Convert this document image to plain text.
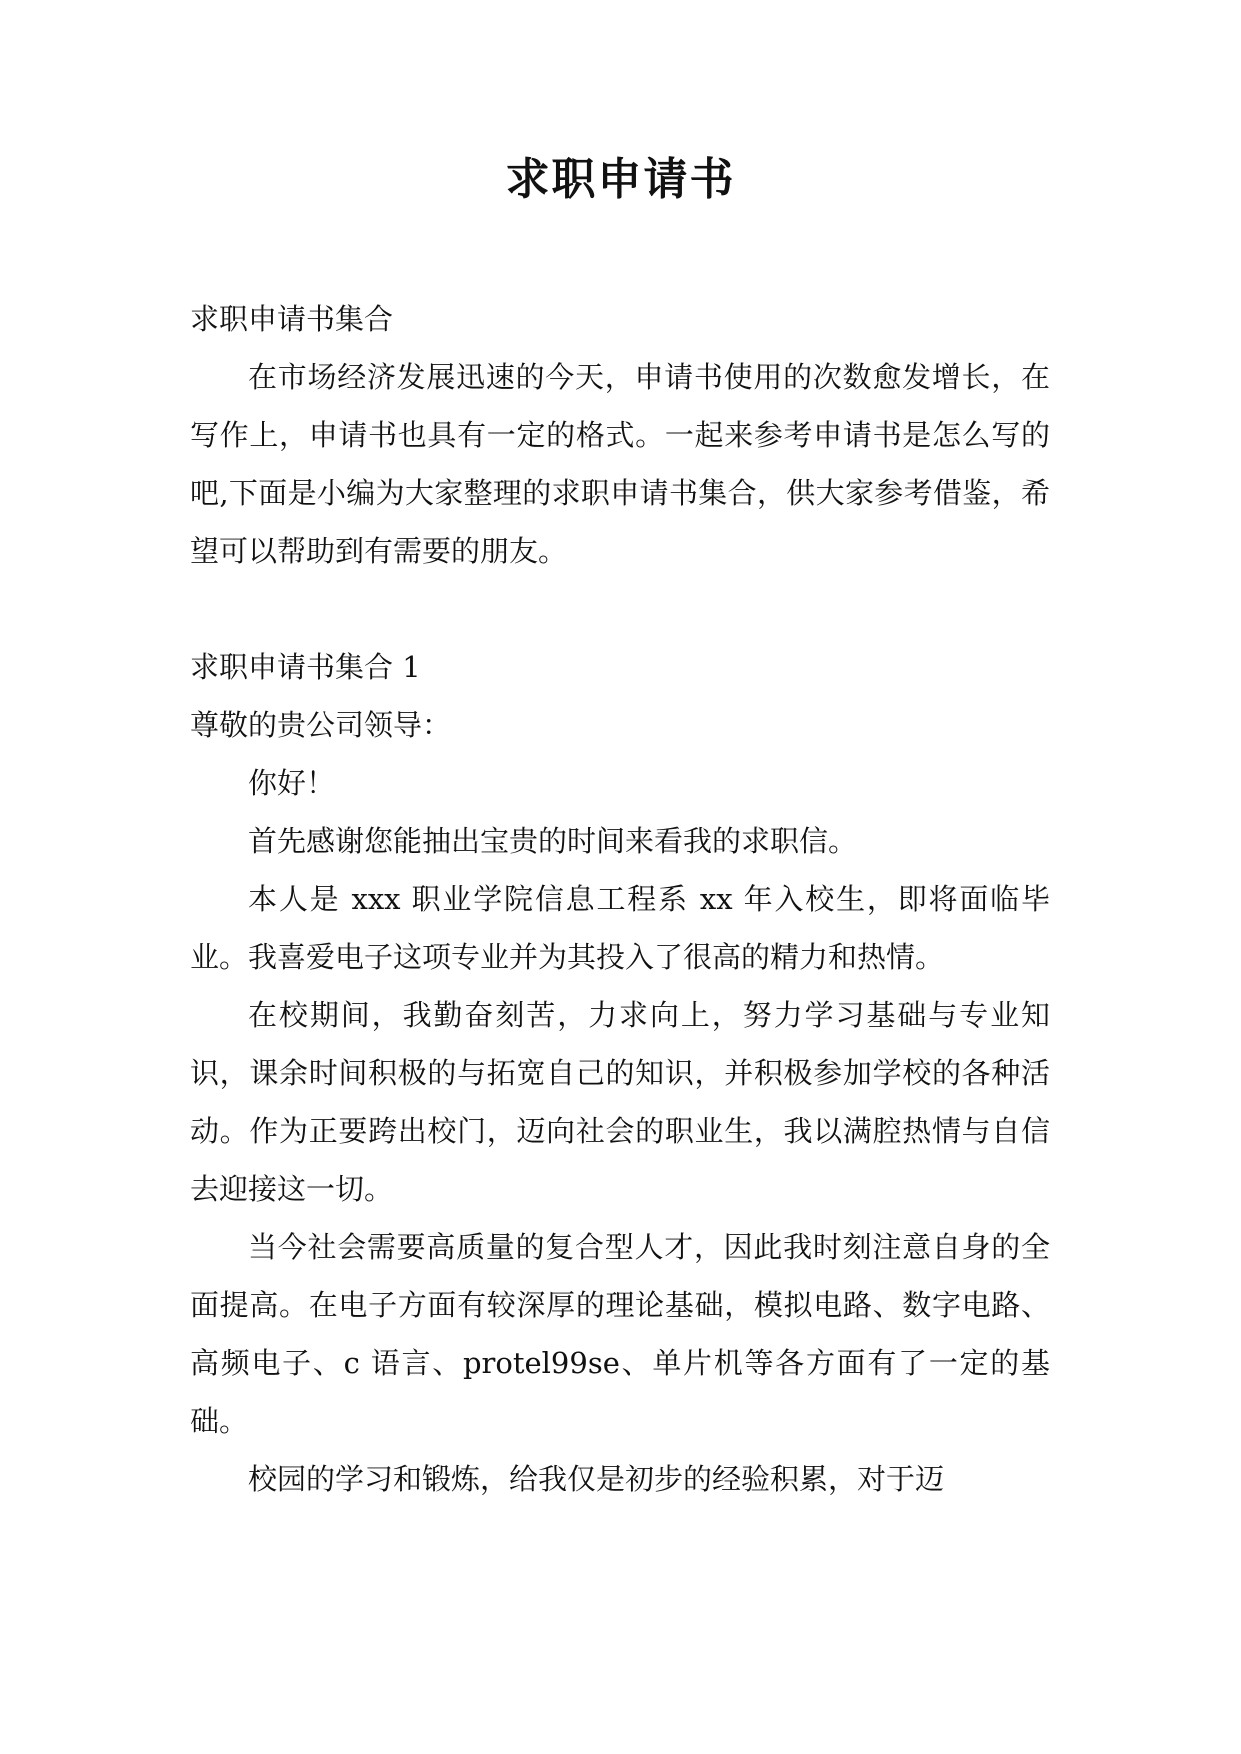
求职申请书

求职申请书集合

在市场经济发展迅速的今天，申请书使用的次数愈发增长，在写作上，申请书也具有一定的格式。一起来参考申请书是怎么写的吧,下面是小编为大家整理的求职申请书集合，供大家参考借鉴，希望可以帮助到有需要的朋友。

求职申请书集合 1

尊敬的贵公司领导：

你好！

首先感谢您能抽出宝贵的时间来看我的求职信。

本人是 xxx 职业学院信息工程系 xx 年入校生，即将面临毕业。我喜爱电子这项专业并为其投入了很高的精力和热情。

在校期间，我勤奋刻苦，力求向上，努力学习基础与专业知识，课余时间积极的与拓宽自己的知识，并积极参加学校的各种活动。作为正要跨出校门，迈向社会的职业生，我以满腔热情与自信去迎接这一切。

当今社会需要高质量的复合型人才，因此我时刻注意自身的全面提高。在电子方面有较深厚的理论基础，模拟电路、数字电路、高频电子、c 语言、protel99se、单片机等各方面有了一定的基础。

校园的学习和锻炼，给我仅是初步的经验积累，对于迈
